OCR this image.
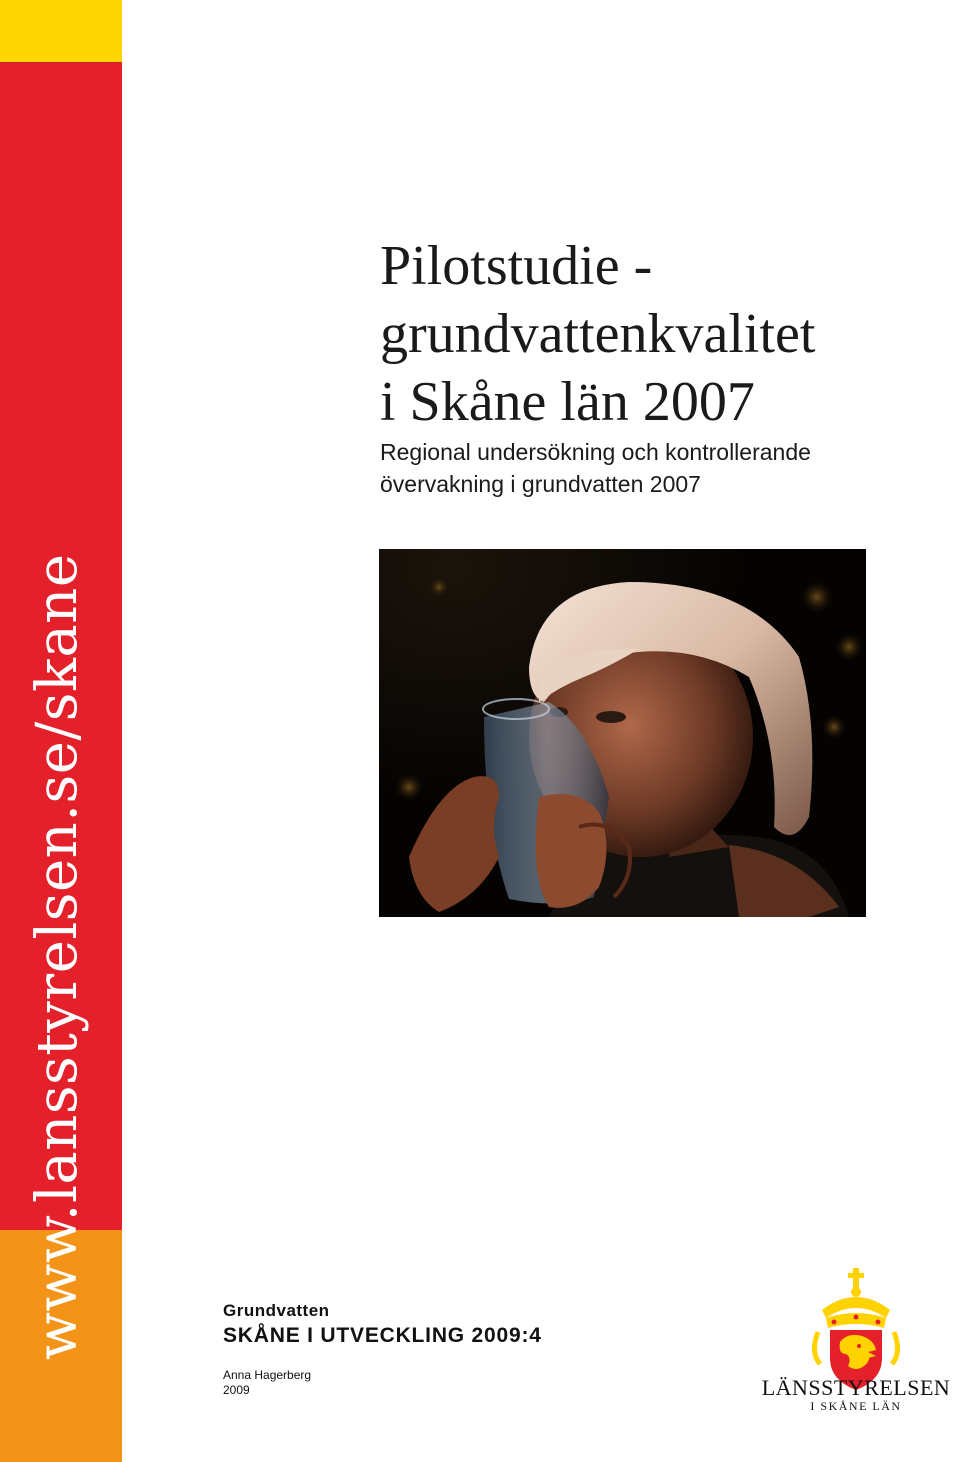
www.lansstyrelsen.se/skane
Pilotstudie -
grundvattenkvalitet
i Skåne län 2007
Regional undersökning och kontrollerande
övervakning i grundvatten 2007
Grundvatten
SKÅNE I UTVECKLING 2009:4
Anna Hagerberg
2009	LÄNSSTYRELSEN
I SKÅNE LÄN
